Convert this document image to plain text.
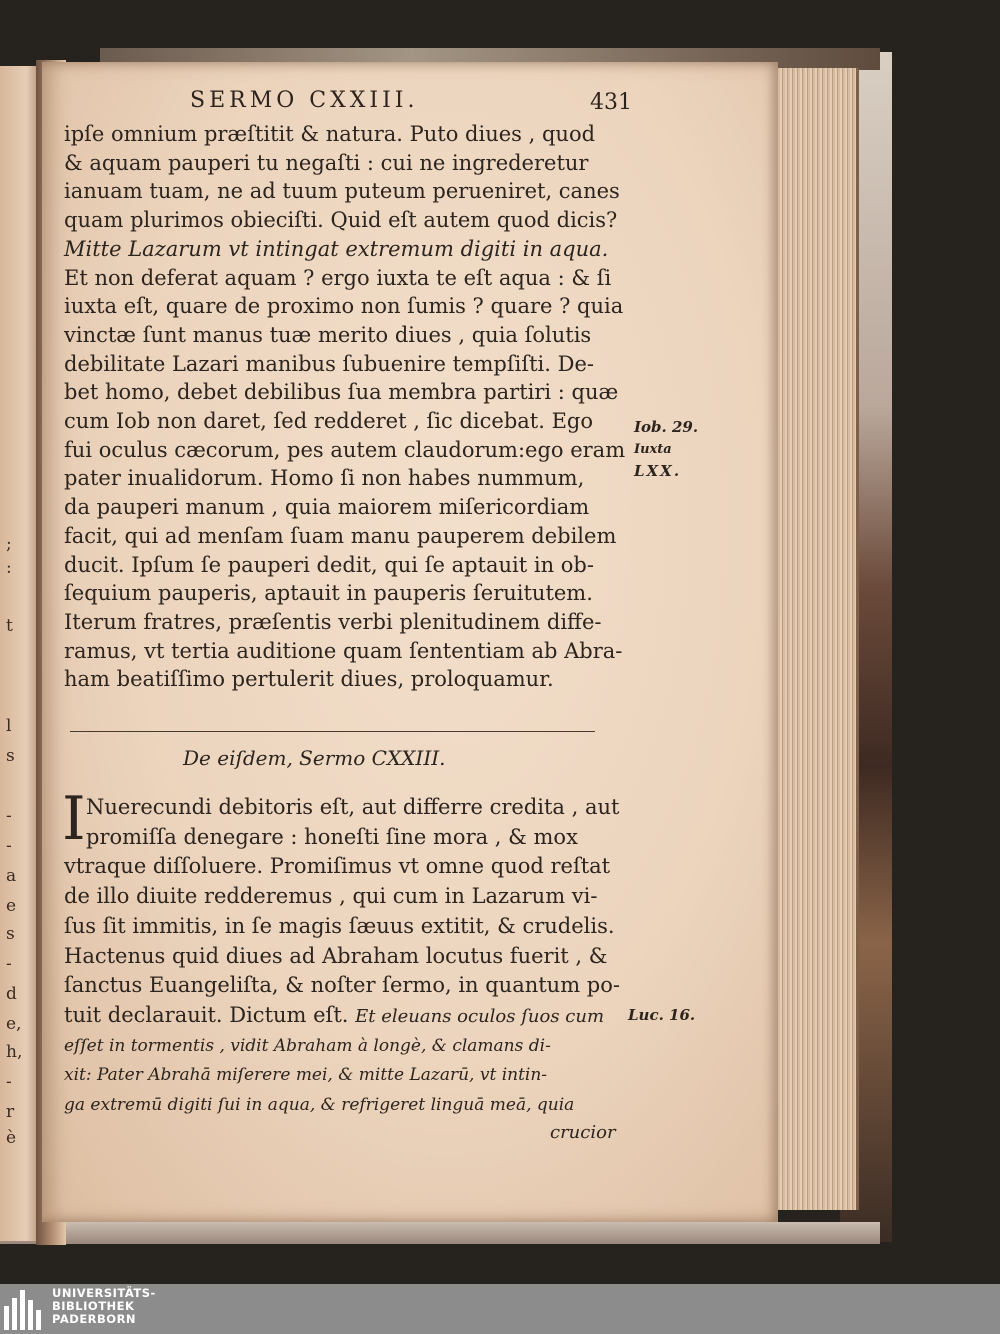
;
:
t
l
s
-
-
a
e
s
-
d
e,
h,
-
r
è
SERMO CXXIII.	431

ipſe omnium præſtitit & natura. Puto diues , quod
& aquam pauperi tu negaſti : cui ne ingrederetur
ianuam tuam, ne ad tuum puteum perueniret, canes
quam plurimos obieciſti. Quid eſt autem quod dicis?
Mitte Lazarum vt intingat extremum digiti in aqua.
Et non deferat aquam ? ergo iuxta te eſt aqua : & ſi
iuxta eſt, quare de proximo non ſumis ? quare ? quia
vinctæ ſunt manus tuæ merito diues , quia ſolutis
debilitate Lazari manibus ſubuenire tempſiſti. De-
bet homo, debet debilibus ſua membra partiri : quæ
cum Iob non daret, ſed redderet , ſic dicebat. Ego
fui oculus cæcorum, pes autem claudorum:ego eram
pater inualidorum. Homo ſi non habes nummum,
da pauperi manum , quia maiorem miſericordiam
facit, qui ad menſam ſuam manu pauperem debilem
ducit. Ipſum ſe pauperi dedit, qui ſe aptauit in ob-
ſequium pauperis, aptauit in pauperis ſeruitutem.
Iterum fratres, præſentis verbi plenitudinem diffe-
ramus, vt tertia auditione quam ſententiam ab Abra-
ham beatiſſimo pertulerit diues, proloquamur.

Iob. 29.
Iuxta
LXX.
De eiſdem, Sermo CXXIII.
I Nuerecundi debitoris eſt, aut differre credita , aut
promiſſa denegare : honeſti ſine mora , & mox
vtraque diſſoluere. Promiſimus vt omne quod reſtat
de illo diuite redderemus , qui cum in Lazarum vi-
ſus ſit immitis, in ſe magis ſæuus extitit, & crudelis.
Hactenus quid diues ad Abraham locutus fuerit , &
ſanctus Euangeliſta, & noſter ſermo, in quantum po-
tuit declarauit. Dictum eſt. Et eleuans oculos ſuos cum
eſſet in tormentis , vidit Abraham à longè, & clamans di-
xit: Pater Abrahā miſerere mei, & mitte Lazarū, vt intin-
ga extremū digiti ſui in aqua, & refrigeret linguā meā, quia

Luc. 16.
crucior
UNIVERSITÄTS-
BIBLIOTHEK
PADERBORN
